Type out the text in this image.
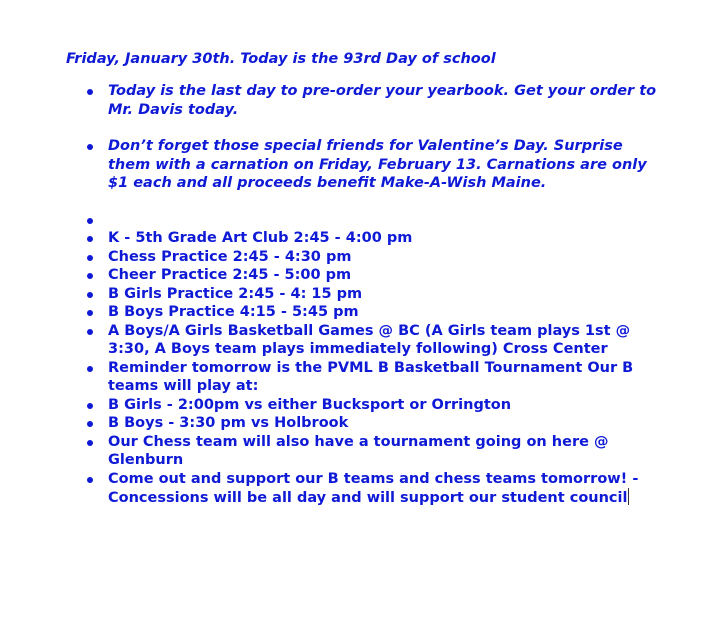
Friday, January 30th. Today is the 93rd Day of school
Today is the last day to pre-order your yearbook. Get your order to Mr. Davis today.
Don’t forget those special friends for Valentine’s Day. Surprise them with a carnation on Friday, February 13. Carnations are only $1 each and all proceeds benefit Make-A-Wish Maine.
K - 5th Grade Art Club 2:45 - 4:00 pm
Chess Practice 2:45 - 4:30 pm
Cheer Practice 2:45 - 5:00 pm
B Girls Practice 2:45 - 4: 15 pm
B Boys Practice 4:15 - 5:45 pm
A Boys/A Girls Basketball Games @ BC (A Girls team plays 1st @ 3:30, A Boys team plays immediately following) Cross Center
Reminder tomorrow is the PVML B Basketball Tournament Our B teams will play at:
B Girls - 2:00pm vs either Bucksport or Orrington
B Boys - 3:30 pm vs Holbrook
Our Chess team will also have a tournament going on here @ Glenburn
Come out and support our B teams and chess teams tomorrow! -Concessions will be all day and will support our student council
